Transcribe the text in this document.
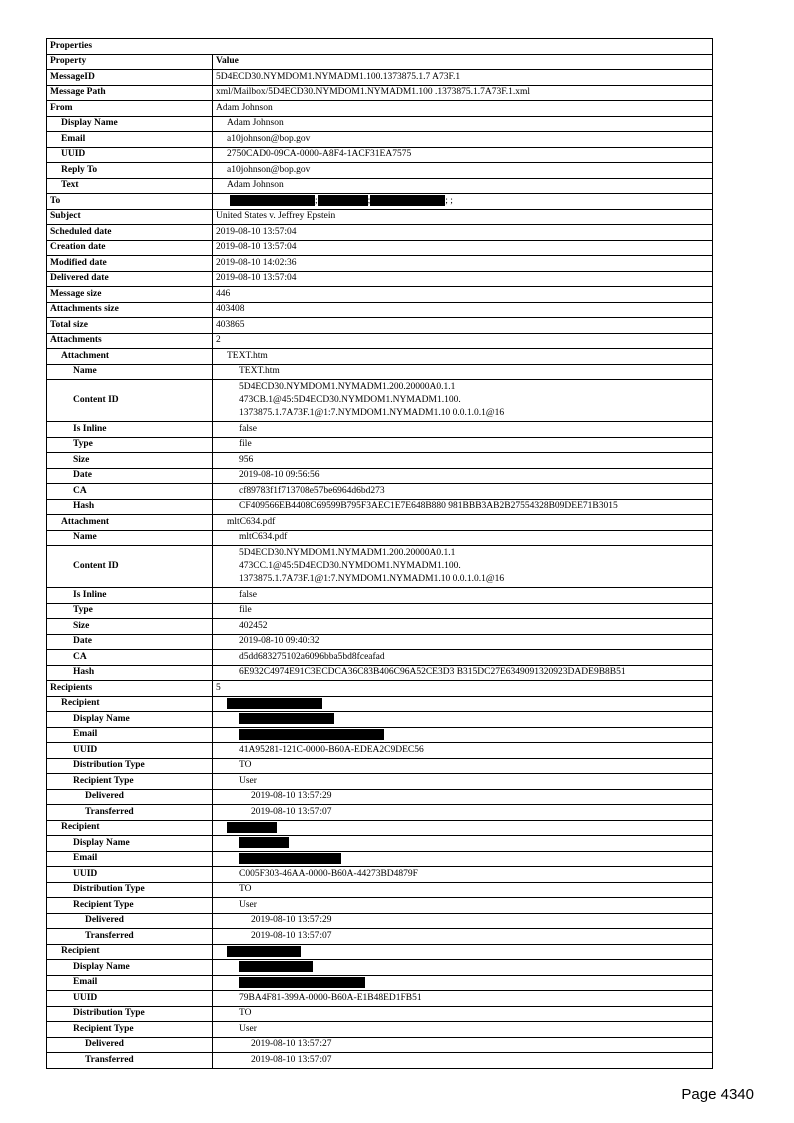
Properties	
Property	Value
MessageID	5D4ECD30.NYMDOM1.NYMADM1.100.1373875.1.7 A73F.1
Message Path	xml/Mailbox/5D4ECD30.NYMDOM1.NYMADM1.100 .1373875.1.7A73F.1.xml
From	Adam Johnson
Display Name	Adam Johnson
Email	a10johnson@bop.gov
UUID	2750CAD0-09CA-0000-A8F4-1ACF31EA7575
Reply To	a10johnson@bop.gov
Text	Adam Johnson
To	; ; ; ;
Subject	United States v. Jeffrey Epstein
Scheduled date	2019-08-10 13:57:04
Creation date	2019-08-10 13:57:04
Modified date	2019-08-10 14:02:36
Delivered date	2019-08-10 13:57:04
Message size	446
Attachments size	403408
Total size	403865
Attachments	2
Attachment	TEXT.htm
Name	TEXT.htm
Content ID	5D4ECD30.NYMDOM1.NYMADM1.200.20000A0.1.1
473CB.1@45:5D4ECD30.NYMDOM1.NYMADM1.100.
1373875.1.7A73F.1@1:7.NYMDOM1.NYMADM1.10 0.0.1.0.1@16
Is Inline	false
Type	file
Size	956
Date	2019-08-10 09:56:56
CA	cf89783f1f713708e57be6964d6bd273
Hash	CF409566EB4408C69599B795F3AEC1E7E648B880 981BBB3AB2B27554328B09DEE71B3015
Attachment	mltC634.pdf
Name	mltC634.pdf
Content ID	5D4ECD30.NYMDOM1.NYMADM1.200.20000A0.1.1
473CC.1@45:5D4ECD30.NYMDOM1.NYMADM1.100.
1373875.1.7A73F.1@1:7.NYMDOM1.NYMADM1.10 0.0.1.0.1@16
Is Inline	false
Type	file
Size	402452
Date	2019-08-10 09:40:32
CA	d5dd683275102a6096bba5bd8fceafad
Hash	6E932C4974E91C3ECDCA36C83B406C96A52CE3D3 B315DC27E6349091320923DADE9B8B51
Recipients	5
Recipient	
Display Name	
Email	
UUID	41A95281-121C-0000-B60A-EDEA2C9DEC56
Distribution Type	TO
Recipient Type	User
Delivered	2019-08-10 13:57:29
Transferred	2019-08-10 13:57:07
Recipient	
Display Name	
Email	
UUID	C005F303-46AA-0000-B60A-44273BD4879F
Distribution Type	TO
Recipient Type	User
Delivered	2019-08-10 13:57:29
Transferred	2019-08-10 13:57:07
Recipient	
Display Name	
Email	
UUID	79BA4F81-399A-0000-B60A-E1B48ED1FB51
Distribution Type	TO
Recipient Type	User
Delivered	2019-08-10 13:57:27
Transferred	2019-08-10 13:57:07
Page 4340
